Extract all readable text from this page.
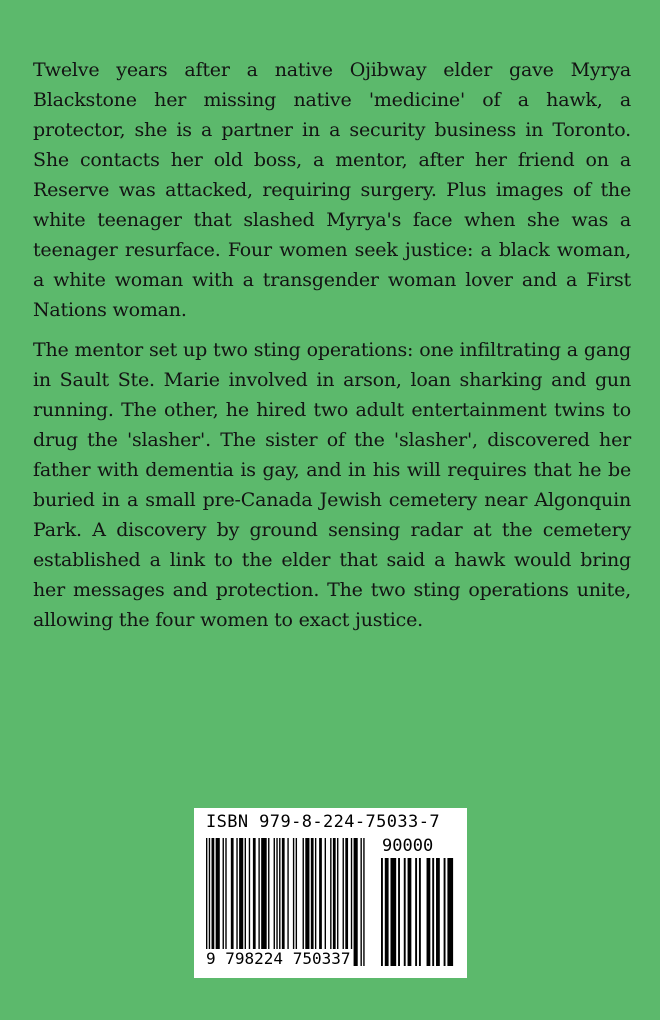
Twelve years after a native Ojibway elder gave Myrya Blackstone her missing native 'medicine' of a hawk, a protector, she is a partner in a security business in Toronto. She contacts her old boss, a mentor, after her friend on a Reserve was attacked, requiring surgery. Plus images of the white teenager that slashed Myrya's face when she was a teenager resurface. Four women seek justice: a black woman, a white woman with a transgender woman lover and a First Nations woman.

The mentor set up two sting operations: one infiltrating a gang in Sault Ste. Marie involved in arson, loan sharking and gun running. The other, he hired two adult entertainment twins to drug the 'slasher'. The sister of the 'slasher', discovered her father with dementia is gay, and in his will requires that he be buried in a small pre-Canada Jewish cemetery near Algonquin Park. A discovery by ground sensing radar at the cemetery established a link to the elder that said a hawk would bring her messages and protection. The two sting operations unite, allowing the four women to exact justice.

ISBN 979-8-224-75033-7
90000
9 798224 750337
